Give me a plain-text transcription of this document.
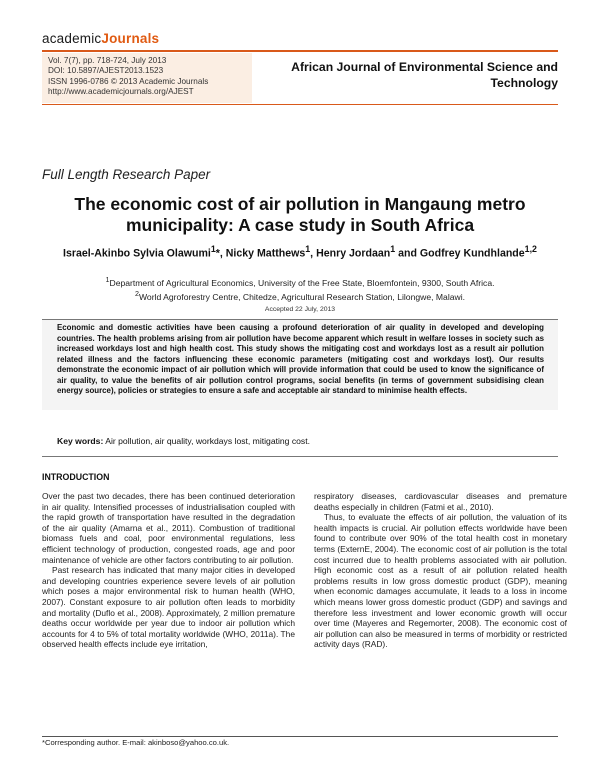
academicJournals
Vol. 7(7), pp. 718-724, July 2013
DOI: 10.5897/AJEST2013.1523
ISSN 1996-0786 © 2013 Academic Journals
http://www.academicjournals.org/AJEST
African Journal of Environmental Science and Technology
Full Length Research Paper
The economic cost of air pollution in Mangaung metro municipality: A case study in South Africa
Israel-Akinbo Sylvia Olawumi$^1$*, Nicky Matthews$^1$, Henry Jordaan$^1$ and Godfrey Kundhlande$^{1,2}$
$^1$Department of Agricultural Economics, University of the Free State, Bloemfontein, 9300, South Africa.
$^2$World Agroforestry Centre, Chitedze, Agricultural Research Station, Lilongwe, Malawi.
Accepted 22 July, 2013
Economic and domestic activities have been causing a profound deterioration of air quality in developed and developing countries. The health problems arising from air pollution have become apparent which result in welfare losses in society such as increased workdays lost and high health cost. This study shows the mitigating cost and workdays lost as a result air pollution related illness and the factors influencing these economic parameters (mitigating cost and workdays lost). Our results demonstrate the economic impact of air pollution which will provide information that could be used to know the significance of air quality, to value the benefits of air pollution control programs, social benefits (in terms of government subsidising clean energy source), policies or strategies to ensure a safe and acceptable air standard to minimise health effects.
Key words: Air pollution, air quality, workdays lost, mitigating cost.
INTRODUCTION

Over the past two decades, there has been continued deterioration in air quality. Intensified processes of industrialisation coupled with the rapid growth of transportation have resulted in the degradation of the air quality (Amarna et al., 2011). Combustion of traditional biomass fuels and coal, poor environmental regulations, less efficient technology of production, congested roads, age and poor maintenance of vehicle are other factors contributing to air pollution.

Past research has indicated that many major cities in developed and developing countries experience severe levels of air pollution which poses a major environmental risk to human health (WHO, 2007). Constant exposure to air pollution often leads to morbidity and mortality (Duflo et al., 2008). Approximately, 2 million premature deaths occur worldwide per year due to indoor air pollution which accounts for 4 to 5% of total mortality worldwide (WHO, 2011a). The observed health effects include eye irritation,

respiratory diseases, cardiovascular diseases and premature deaths especially in children (Fatmi et al., 2010).

Thus, to evaluate the effects of air pollution, the valuation of its health impacts is crucial. Air pollution effects worldwide have been found to contribute over 90% of the total health cost in monetary terms (ExternE, 2004). The economic cost of air pollution is the total cost incurred due to health problems associated with air pollution. High economic cost as a result of air pollution related health problems results in low gross domestic product (GDP), meaning when economic damages accumulate, it leads to a loss in income which means lower gross domestic product (GDP) and savings and therefore less investment and lower economic growth will occur over time (Mayeres and Regemorter, 2008). The economic cost of air pollution can also be measured in terms of morbidity or restricted activity days (RAD).

*Corresponding author. E-mail: akinboso@yahoo.co.uk.
